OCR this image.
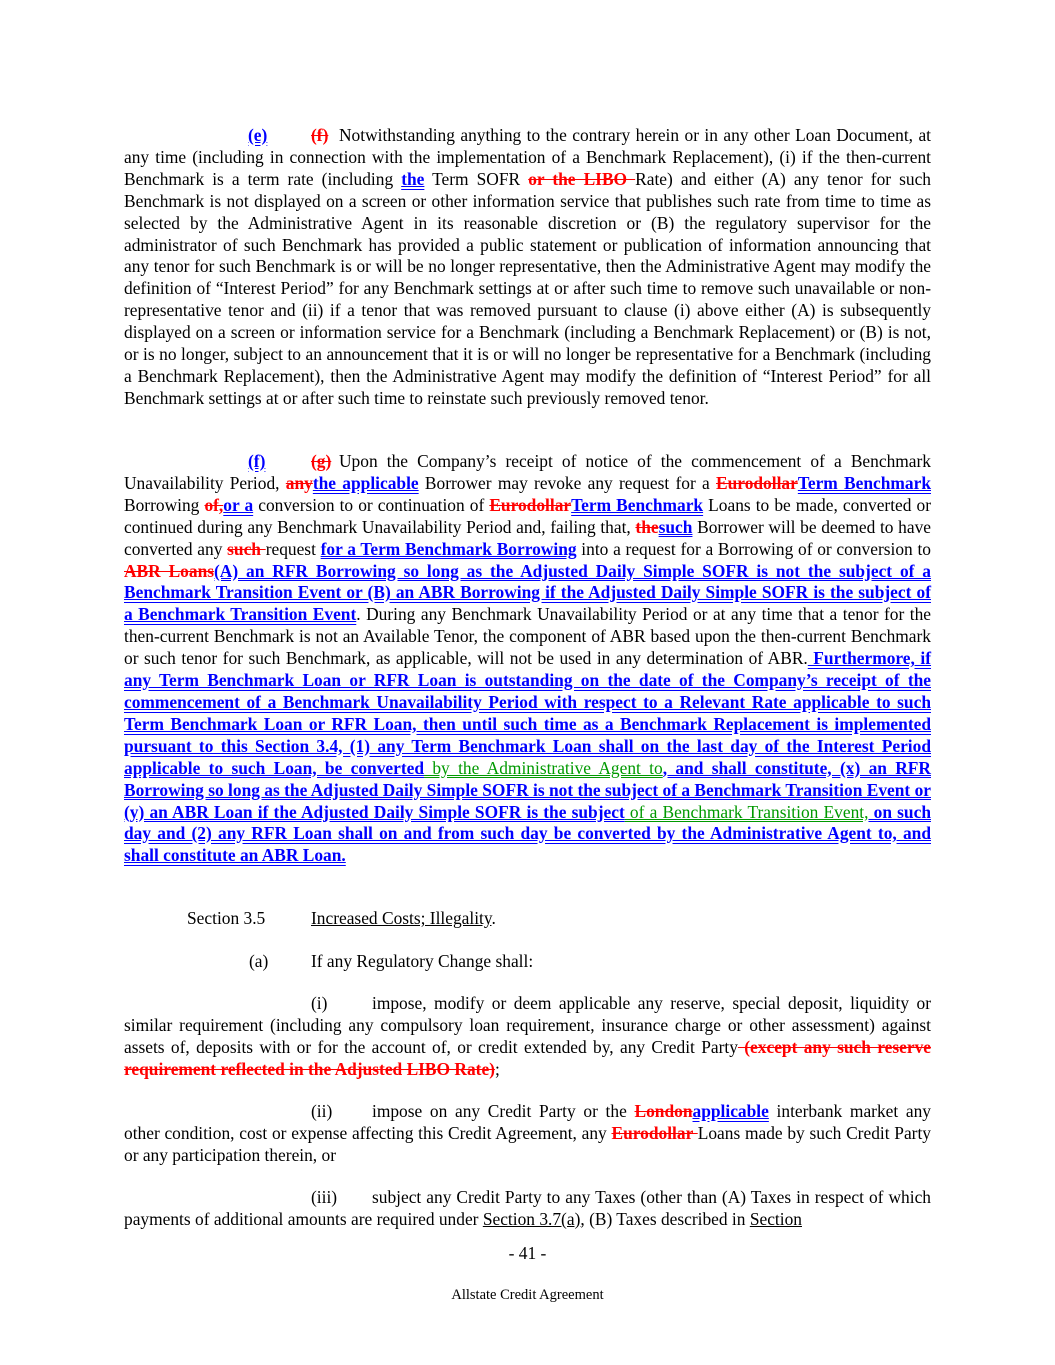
(e)	(f)Notwithstanding anything to the contrary herein or in any other Loan Document, at any time (including in connection with the implementation of a Benchmark Replacement), (i) if the then-current Benchmark is a term rate (including the Term SOFR or the LIBO Rate) and either (A) any tenor for such Benchmark is not displayed on a screen or other information service that publishes such rate from time to time as selected by the Administrative Agent in its reasonable discretion or (B) the regulatory supervisor for the administrator of such Benchmark has provided a public statement or publication of information announcing that any tenor for such Benchmark is or will be no longer representative, then the Administrative Agent may modify the definition of “Interest Period” for any Benchmark settings at or after such time to remove such unavailable or non-representative tenor and (ii) if a tenor that was removed pursuant to clause (i) above either (A) is subsequently displayed on a screen or information service for a Benchmark (including a Benchmark Replacement) or (B) is not, or is no longer, subject to an announcement that it is or will no longer be representative for a Benchmark (including a Benchmark Replacement), then the Administrative Agent may modify the definition of “Interest Period” for all Benchmark settings at or after such time to reinstate such previously removed tenor.

(f)	(g)Upon the Company’s receipt of notice of the commencement of a Benchmark Unavailability Period, anythe applicable Borrower may revoke any request for a EurodollarTerm Benchmark Borrowing of,or a conversion to or continuation of EurodollarTerm Benchmark Loans to be made, converted or continued during any Benchmark Unavailability Period and, failing that, thesuch Borrower will be deemed to have converted any such request for a Term Benchmark Borrowing into a request for a Borrowing of or conversion to ABR Loans(A) an RFR Borrowing so long as the Adjusted Daily Simple SOFR is not the subject of a Benchmark Transition Event or (B) an ABR Borrowing if the Adjusted Daily Simple SOFR is the subject of a Benchmark Transition Event. During any Benchmark Unavailability Period or at any time that a tenor for the then-current Benchmark is not an Available Tenor, the component of ABR based upon the then-current Benchmark or such tenor for such Benchmark, as applicable, will not be used in any determination of ABR. Furthermore, if any Term Benchmark Loan or RFR Loan is outstanding on the date of the Company’s receipt of the commencement of a Benchmark Unavailability Period with respect to a Relevant Rate applicable to such Term Benchmark Loan or RFR Loan, then until such time as a Benchmark Replacement is implemented pursuant to this Section 3.4, (1) any Term Benchmark Loan shall on the last day of the Interest Period applicable to such Loan, be converted by the Administrative Agent to, and shall constitute, (x) an RFR Borrowing so long as the Adjusted Daily Simple SOFR is not the subject of a Benchmark Transition Event or (y) an ABR Loan if the Adjusted Daily Simple SOFR is the subject of a Benchmark Transition Event, on such day and (2) any RFR Loan shall on and from such day be converted by the Administrative Agent to, and shall constitute an ABR Loan.

Section 3.5	Increased Costs; Illegality.

(a) If any Regulatory Change shall:

(i)	impose, modify or deem applicable any reserve, special deposit, liquidity or similar requirement (including any compulsory loan requirement, insurance charge or other assessment) against assets of, deposits with or for the account of, or credit extended by, any Credit Party (except any such reserve requirement reflected in the Adjusted LIBO Rate);

(ii) impose on any Credit Party or the Londonapplicable interbank market any other condition, cost or expense affecting this Credit Agreement, any Eurodollar Loans made by such Credit Party or any participation therein, or

(iii) subject any Credit Party to any Taxes (other than (A) Taxes in respect of which payments of additional amounts are required under Section 3.7(a), (B) Taxes described in Section

- 41 -

Allstate Credit Agreement
